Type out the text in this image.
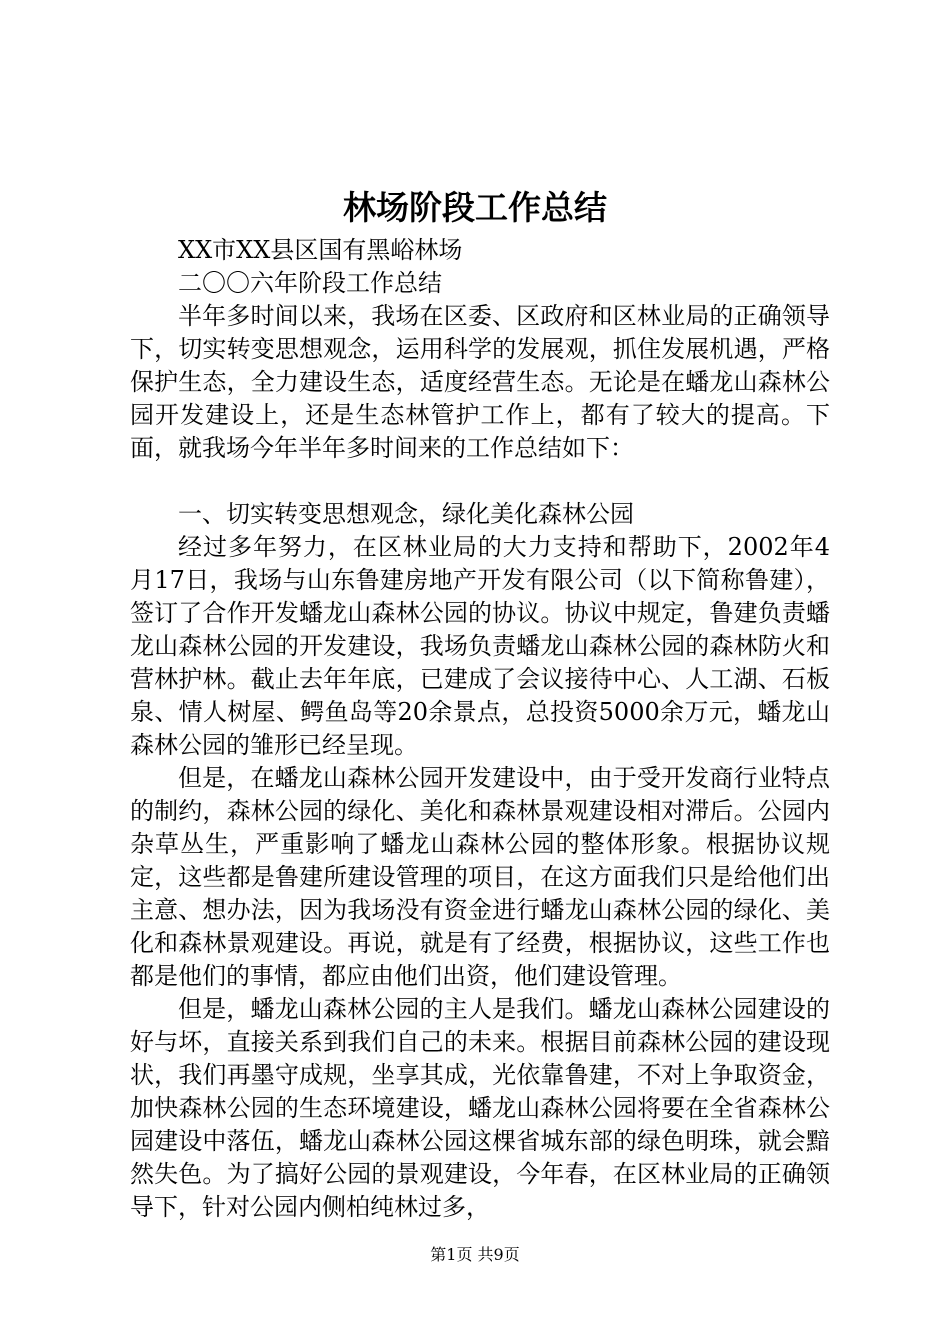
林场阶段工作总结

XX市XX县区国有黑峪林场

二〇〇六年阶段工作总结

半年多时间以来，我场在区委、区政府和区林业局的正确领导下，切实转变思想观念，运用科学的发展观，抓住发展机遇，严格保护生态，全力建设生态，适度经营生态。无论是在蟠龙山森林公园开发建设上，还是生态林管护工作上，都有了较大的提高。下面，就我场今年半年多时间来的工作总结如下：

一、切实转变思想观念，绿化美化森林公园

经过多年努力，在区林业局的大力支持和帮助下，2002年4月17日，我场与山东鲁建房地产开发有限公司（以下简称鲁建），签订了合作开发蟠龙山森林公园的协议。协议中规定，鲁建负责蟠龙山森林公园的开发建设，我场负责蟠龙山森林公园的森林防火和营林护林。截止去年年底，已建成了会议接待中心、人工湖、石板泉、情人树屋、鳄鱼岛等20余景点，总投资5000余万元，蟠龙山森林公园的雏形已经呈现。

但是，在蟠龙山森林公园开发建设中，由于受开发商行业特点的制约，森林公园的绿化、美化和森林景观建设相对滞后。公园内杂草丛生，严重影响了蟠龙山森林公园的整体形象。根据协议规定，这些都是鲁建所建设管理的项目，在这方面我们只是给他们出主意、想办法，因为我场没有资金进行蟠龙山森林公园的绿化、美化和森林景观建设。再说，就是有了经费，根据协议，这些工作也都是他们的事情，都应由他们出资，他们建设管理。

但是，蟠龙山森林公园的主人是我们。蟠龙山森林公园建设的好与坏，直接关系到我们自己的未来。根据目前森林公园的建设现状，我们再墨守成规，坐享其成，光依靠鲁建，不对上争取资金，加快森林公园的生态环境建设，蟠龙山森林公园将要在全省森林公园建设中落伍，蟠龙山森林公园这棵省城东部的绿色明珠，就会黯然失色。为了搞好公园的景观建设，今年春，在区林业局的正确领导下，针对公园内侧柏纯林过多，

第1页 共9页
